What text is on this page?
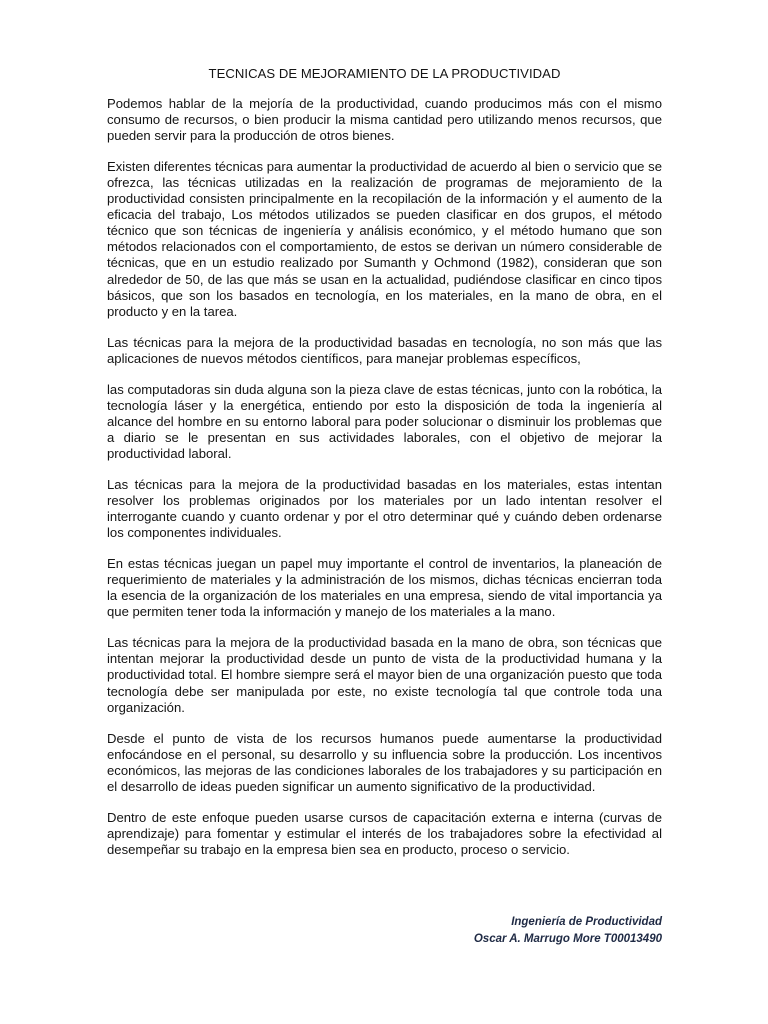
TECNICAS DE MEJORAMIENTO DE LA PRODUCTIVIDAD

Podemos hablar de la mejoría de la productividad, cuando producimos más con el mismo consumo de recursos, o bien producir la misma cantidad pero utilizando menos recursos, que pueden servir para la producción de otros bienes.

Existen diferentes técnicas para aumentar la productividad de acuerdo al bien o servicio que se ofrezca, las técnicas utilizadas en la realización de programas de mejoramiento de la productividad consisten principalmente en la recopilación de la información y el aumento de la eficacia del trabajo, Los métodos utilizados se pueden clasificar en dos grupos, el método técnico que son técnicas de ingeniería y análisis económico, y el método humano que son métodos relacionados con el comportamiento, de estos se derivan un número considerable de técnicas, que en un estudio realizado por Sumanth y Ochmond (1982), consideran que son alrededor de 50, de las que más se usan en la actualidad, pudiéndose clasificar en cinco tipos básicos, que son los basados en tecnología, en los materiales, en la mano de obra, en el producto y en la tarea.

Las técnicas para la mejora de la productividad basadas en tecnología, no son más que las aplicaciones de nuevos métodos científicos, para manejar problemas específicos,

las computadoras sin duda alguna son la pieza clave de estas técnicas, junto con la robótica, la tecnología láser y la energética, entiendo por esto la disposición de toda la ingeniería al alcance del hombre en su entorno laboral para poder solucionar o disminuir los problemas que a diario se le presentan en sus actividades laborales, con el objetivo de mejorar la productividad laboral.

Las técnicas para la mejora de la productividad basadas en los materiales, estas intentan resolver los problemas originados por los materiales por un lado intentan resolver el interrogante cuando y cuanto ordenar y por el otro determinar qué y cuándo deben ordenarse los componentes individuales.

En estas técnicas juegan un papel muy importante el control de inventarios, la planeación de requerimiento de materiales y la administración de los mismos, dichas técnicas encierran toda la esencia de la organización de los materiales en una empresa, siendo de vital importancia ya que permiten tener toda la información y manejo de los materiales a la mano.

Las técnicas para la mejora de la productividad basada en la mano de obra, son técnicas que intentan mejorar la productividad desde un punto de vista de la productividad humana y la productividad total. El hombre siempre será el mayor bien de una organización puesto que toda tecnología debe ser manipulada por este, no existe tecnología tal que controle toda una organización.

Desde el punto de vista de los recursos humanos puede aumentarse la productividad enfocándose en el personal, su desarrollo y su influencia sobre la producción. Los incentivos económicos, las mejoras de las condiciones laborales de los trabajadores y su participación en el desarrollo de ideas pueden significar un aumento significativo de la productividad.

Dentro de este enfoque pueden usarse cursos de capacitación externa e interna (curvas de aprendizaje) para fomentar y estimular el interés de los trabajadores sobre la efectividad al desempeñar su trabajo en la empresa bien sea en producto, proceso o servicio.

Ingeniería de Productividad
Oscar A. Marrugo More T00013490
